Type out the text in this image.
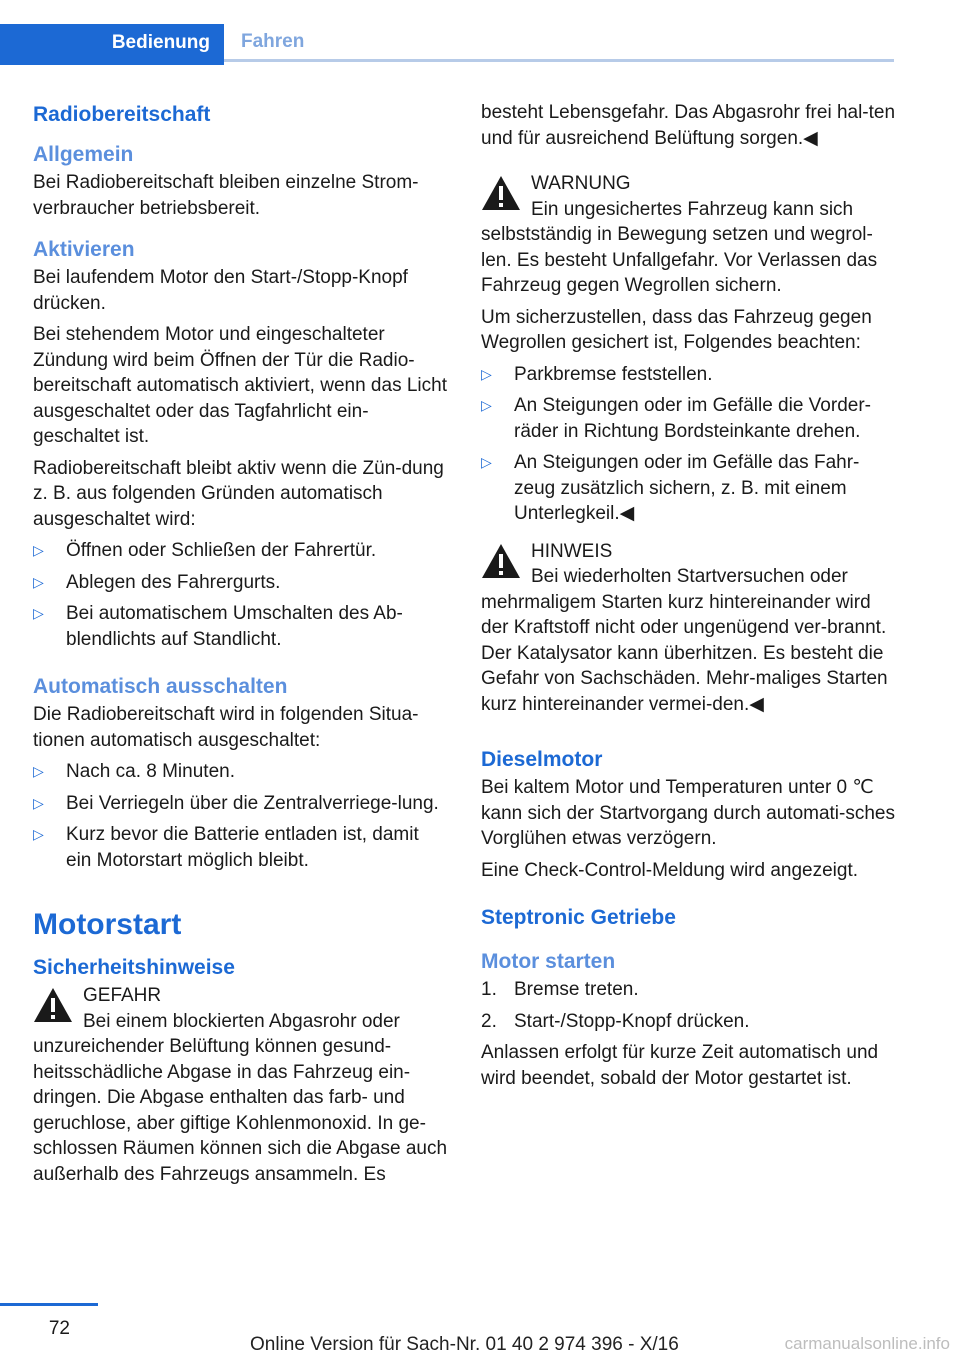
Bedienung	Fahren
Radiobereitschaft
Allgemein

Bei Radiobereitschaft bleiben einzelne Strom-verbraucher betriebsbereit.

Aktivieren

Bei laufendem Motor den Start-/Stopp-Knopf drücken.

Bei stehendem Motor und eingeschalteter Zündung wird beim Öffnen der Tür die Radio-bereitschaft automatisch aktiviert, wenn das Licht ausgeschaltet oder das Tagfahrlicht ein-geschaltet ist.

Radiobereitschaft bleibt aktiv wenn die Zün-dung z. B. aus folgenden Gründen automatisch ausgeschaltet wird:

▷ Öffnen oder Schließen der Fahrertür.
▷ Ablegen des Fahrergurts.
▷ Bei automatischem Umschalten des Ab-blendlichts auf Standlicht.
Automatisch ausschalten

Die Radiobereitschaft wird in folgenden Situa-tionen automatisch ausgeschaltet:

▷ Nach ca. 8 Minuten.
▷ Bei Verriegeln über die Zentralverriege-lung.
▷ Kurz bevor die Batterie entladen ist, damit ein Motorstart möglich bleibt.
Motorstart
Sicherheitshinweise
GEFAHR
Bei einem blockierten Abgasrohr oder

unzureichender Belüftung können gesund-heitsschädliche Abgase in das Fahrzeug ein-dringen. Die Abgase enthalten das farb- und geruchlose, aber giftige Kohlenmonoxid. In ge-schlossen Räumen können sich die Abgase auch außerhalb des Fahrzeugs ansammeln. Es

besteht Lebensgefahr. Das Abgasrohr frei hal-ten und für ausreichend Belüftung sorgen.◀

WARNUNG
Ein ungesichertes Fahrzeug kann sich

selbstständig in Bewegung setzen und wegrol-len. Es besteht Unfallgefahr. Vor Verlassen das Fahrzeug gegen Wegrollen sichern.

Um sicherzustellen, dass das Fahrzeug gegen Wegrollen gesichert ist, Folgendes beachten:

▷ Parkbremse feststellen.
▷ An Steigungen oder im Gefälle die Vorder-räder in Richtung Bordsteinkante drehen.
▷ An Steigungen oder im Gefälle das Fahr-zeug zusätzlich sichern, z. B. mit einem Unterlegkeil.◀
HINWEIS
Bei wiederholten Startversuchen oder

mehrmaligem Starten kurz hintereinander wird der Kraftstoff nicht oder ungenügend ver-brannt. Der Katalysator kann überhitzen. Es besteht die Gefahr von Sachschäden. Mehr-maliges Starten kurz hintereinander vermei-den.◀

Dieselmotor

Bei kaltem Motor und Temperaturen unter 0 ℃ kann sich der Startvorgang durch automati-sches Vorglühen etwas verzögern.

Eine Check-Control-Meldung wird angezeigt.

Steptronic Getriebe
Motor starten
1. Bremse treten.
2. Start-/Stopp-Knopf drücken.

Anlassen erfolgt für kurze Zeit automatisch und wird beendet, sobald der Motor gestartet ist.

72
Online Version für Sach-Nr. 01 40 2 974 396 - X/16	carmanualsonline.info
